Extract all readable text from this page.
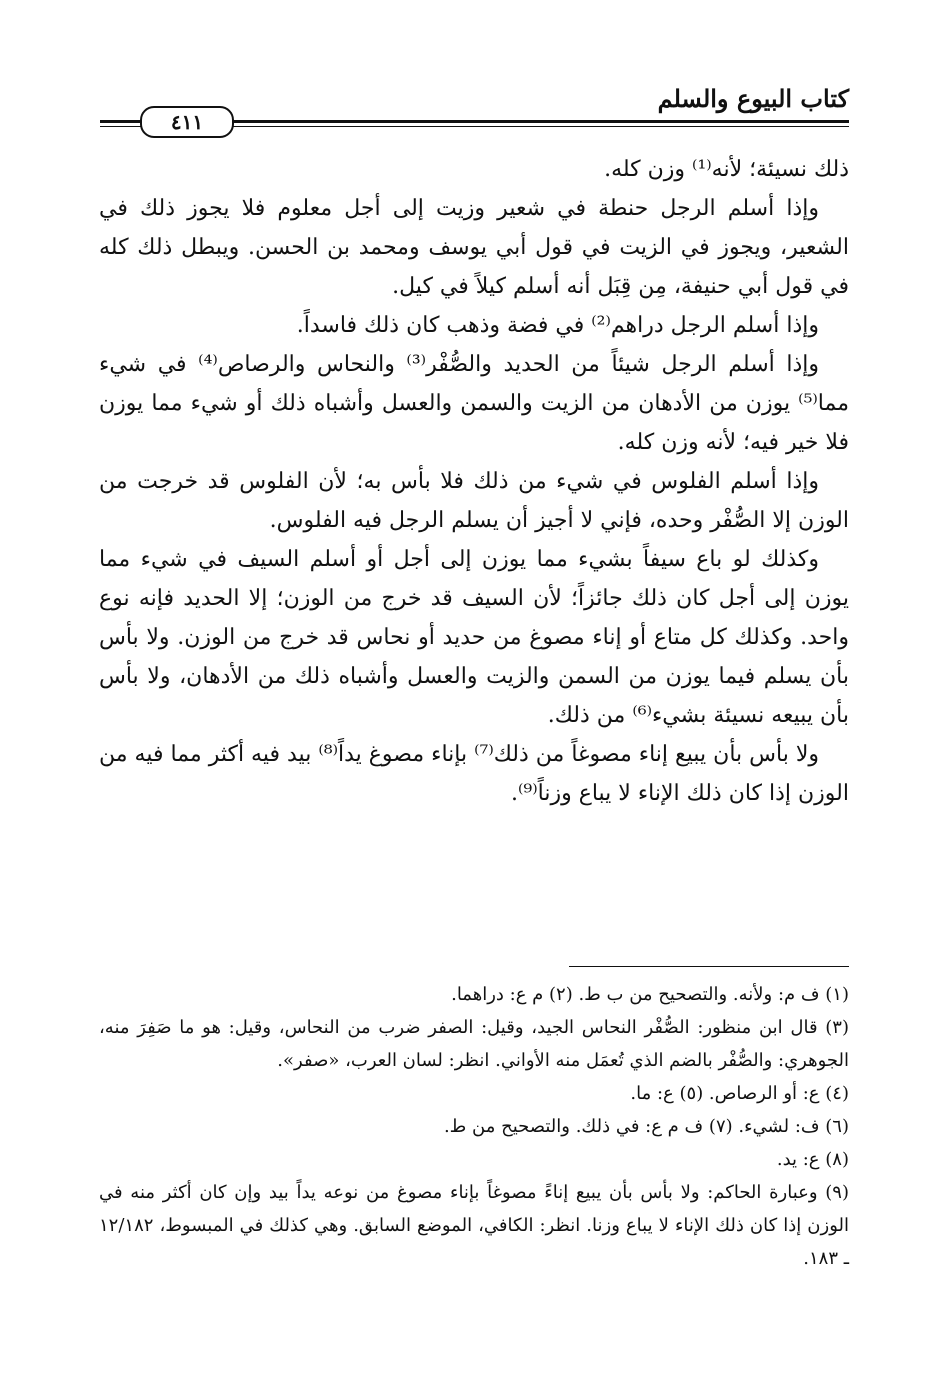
كتاب البيوع والسلم
٤١١

ذلك نسيئة؛ لأنه⁽¹⁾ وزن كله.

وإذا أسلم الرجل حنطة في شعير وزيت إلى أجل معلوم فلا يجوز ذلك في الشعير، ويجوز في الزيت في قول أبي يوسف ومحمد بن الحسن. ويبطل ذلك كله في قول أبي حنيفة، مِن قِبَل أنه أسلم كيلاً في كيل.

وإذا أسلم الرجل دراهم⁽²⁾ في فضة وذهب كان ذلك فاسداً.

وإذا أسلم الرجل شيئاً من الحديد والصُّفْر⁽³⁾ والنحاس والرصاص⁽⁴⁾ في شيء مما⁽⁵⁾ يوزن من الأدهان من الزيت والسمن والعسل وأشباه ذلك أو شيء مما يوزن فلا خير فيه؛ لأنه وزن كله.

وإذا أسلم الفلوس في شيء من ذلك فلا بأس به؛ لأن الفلوس قد خرجت من الوزن إلا الصُّفْر وحده، فإني لا أجيز أن يسلم الرجل فيه الفلوس.

وكذلك لو باع سيفاً بشيء مما يوزن إلى أجل أو أسلم السيف في شيء مما يوزن إلى أجل كان ذلك جائزاً؛ لأن السيف قد خرج من الوزن؛ إلا الحديد فإنه نوع واحد. وكذلك كل متاع أو إناء مصوغ من حديد أو نحاس قد خرج من الوزن. ولا بأس بأن يسلم فيما يوزن من السمن والزيت والعسل وأشباه ذلك من الأدهان، ولا بأس بأن يبيعه نسيئة بشيء⁽⁶⁾ من ذلك.

ولا بأس بأن يبيع إناء مصوغاً من ذلك⁽⁷⁾ بإناء مصوغ يداً⁽⁸⁾ بيد فيه أكثر مما فيه من الوزن إذا كان ذلك الإناء لا يباع وزناً⁽⁹⁾.

(١) ف م: ولأنه. والتصحيح من ب ط. (٢) م ع: دراهما.

(٣) قال ابن منظور: الصُّفْر النحاس الجيد، وقيل: الصفر ضرب من النحاس، وقيل: هو ما صَفِرَ منه، الجوهري: والصُّفْر بالضم الذي تُعمَل منه الأواني. انظر: لسان العرب، «صفر».

(٤) ع: أو الرصاص. (٥) ع: ما.

(٦) ف: لشيء. (٧) ف م ع: في ذلك. والتصحيح من ط.

(٨) ع: يد.

(٩) وعبارة الحاكم: ولا بأس بأن يبيع إناءً مصوغاً بإناء مصوغ من نوعه يداً بيد وإن كان أكثر منه في الوزن إذا كان ذلك الإناء لا يباع وزنا. انظر: الكافي، الموضع السابق. وهي كذلك في المبسوط، ١٢/١٨٢ ـ ١٨٣.
